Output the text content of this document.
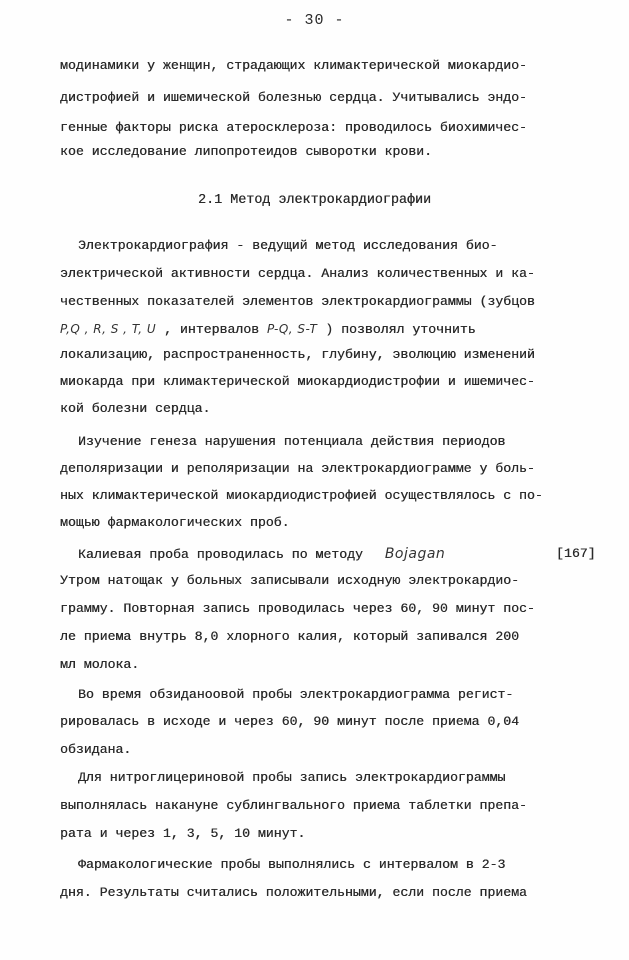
- 30 -
модинамики у женщин, страдающих климактерической миокардио-
дистрофией и ишемической болезнью сердца. Учитывались эндо-
генные факторы риска атеросклероза: проводилось биохимичес-
кое исследование липопротеидов сыворотки крови.
2.1 Метод электрокардиографии
Электрокардиография - ведущий метод исследования био-
электрической активности сердца. Анализ количественных и ка-
чественных показателей элементов электрокардиограммы (зубцов
P,Q , R, S , T, U , интервалов P-Q, S-T ) позволял уточнить
локализацию, распространенность, глубину, эволюцию изменений
миокарда при климактерической миокардиодистрофии и ишемичес-
кой болезни сердца.
Изучение генеза нарушения потенциала действия периодов
деполяризации и реполяризации на электрокардиограмме у боль-
ных климактерической миокардиодистрофией осуществлялось с по-
мощью фармакологических проб.
Калиевая проба проводилась по методу Bojagan	[167]
Утром натощак у больных записывали исходную электрокардио-
грамму. Повторная запись проводилась через 60, 90 минут пос-
ле приема внутрь 8,0 хлорного калия, который запивался 200
мл молока.
Во время обзиданоовой пробы электрокардиограмма регист-
рировалась в исходе и через 60, 90 минут после приема 0,04
обзидана.
Для нитроглицериновой пробы запись электрокардиограммы
выполнялась накануне сублингвального приема таблетки препа-
рата и через 1, 3, 5, 10 минут.
Фармакологические пробы выполнялись с интервалом в 2-3
дня. Результаты считались положительными, если после приема
